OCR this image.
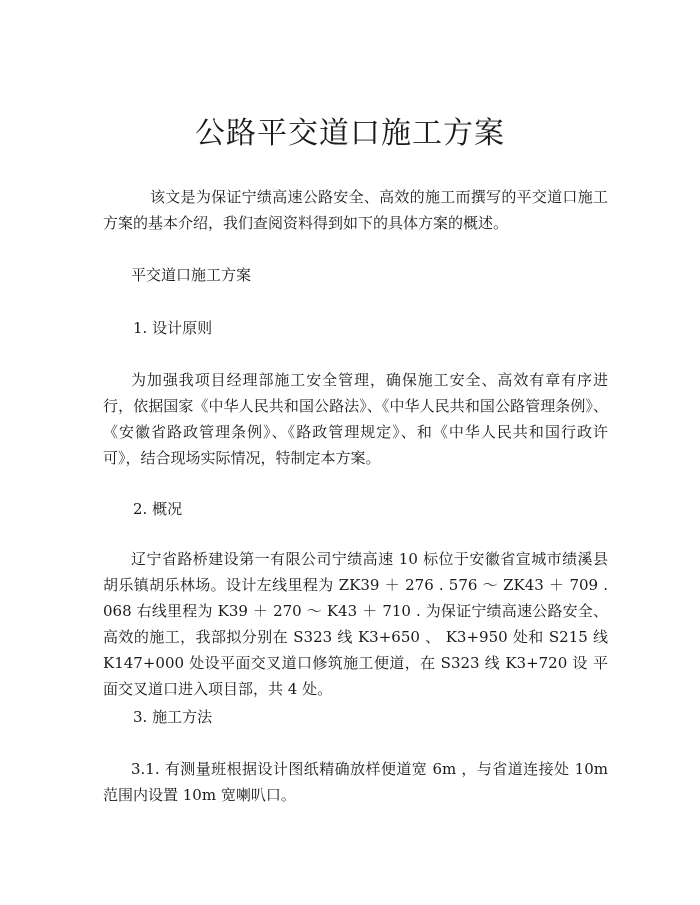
公路平交道口施工方案

该文是为保证宁绩高速公路安全、高效的施工而撰写的平交道口施工方案的基本介绍，我们查阅资料得到如下的具体方案的概述。

平交道口施工方案

1. 设计原则

为加强我项目经理部施工安全管理，确保施工安全、高效有章有序进行，依据国家《中华人民共和国公路法》、《中华人民共和国公路管理条例》、《安徽省路政管理条例》、《路政管理规定》、和《中华人民共和国行政许可》，结合现场实际情况，特制定本方案。

2. 概况

辽宁省路桥建设第一有限公司宁绩高速 10 标位于安徽省宣城市绩溪县胡乐镇胡乐林场。设计左线里程为 ZK39 ＋ 276 . 576 ～ ZK43 ＋ 709 . 068 右线里程为 K39 ＋ 270 ～ K43 ＋ 710 . 为保证宁绩高速公路安全、高效的施工，我部拟分别在 S323 线 K3+650 、 K3+950 处和 S215 线 K147+000 处设平面交叉道口修筑施工便道，在 S323 线 K3+720 设 平面交叉道口进入项目部，共 4 处。

3. 施工方法

3.1. 有测量班根据设计图纸精确放样便道宽 6m ，与省道连接处 10m 范围内设置 10m 宽喇叭口。
